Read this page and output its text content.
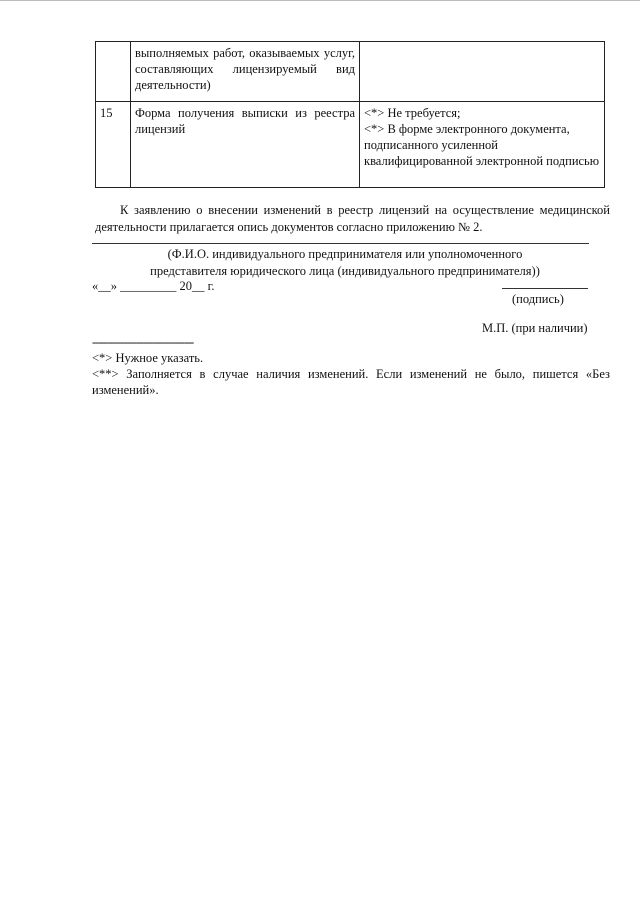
	выполняемых работ, оказываемых услуг, составляющих лицензируемый вид деятельности)	
15	Форма получения выписки из реестра лицензий	<*> Не требуется;
<*> В форме электронного документа,
подписанного усиленной
квалифицированной электронной подписью
К заявлению о внесении изменений в реестр лицензий на осуществление медицинской деятельности прилагается опись документов согласно приложению № 2.
(Ф.И.О. индивидуального предпринимателя или уполномоченного
представителя юридического лица (индивидуального предпринимателя))
«__» _________ 20__ г.
(подпись)
М.П. (при наличии)
--------------------------------
<*> Нужное указать.
<**> Заполняется в случае наличия изменений. Если изменений не было, пишется «Без изменений».
